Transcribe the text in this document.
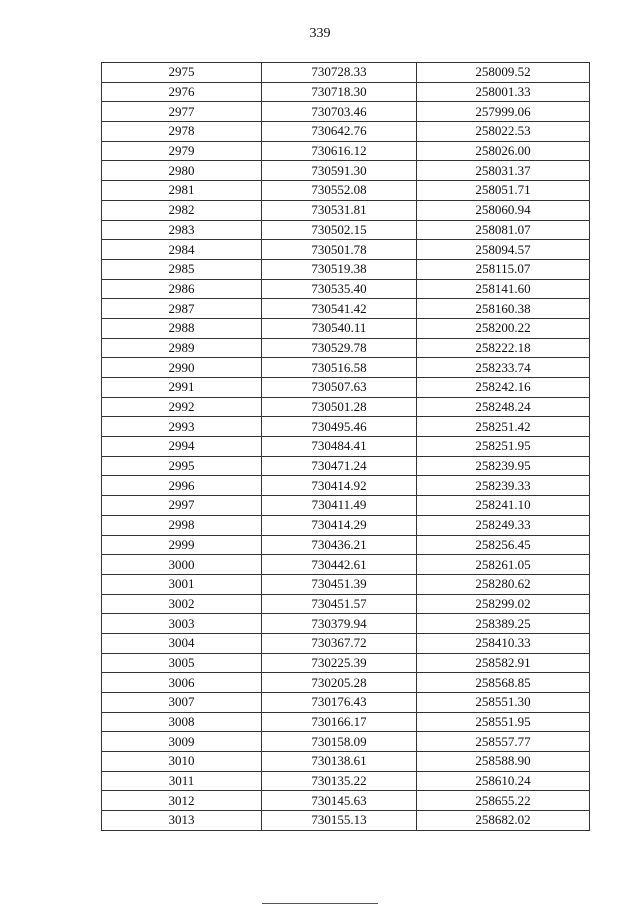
339
2975	730728.33	258009.52
2976	730718.30	258001.33
2977	730703.46	257999.06
2978	730642.76	258022.53
2979	730616.12	258026.00
2980	730591.30	258031.37
2981	730552.08	258051.71
2982	730531.81	258060.94
2983	730502.15	258081.07
2984	730501.78	258094.57
2985	730519.38	258115.07
2986	730535.40	258141.60
2987	730541.42	258160.38
2988	730540.11	258200.22
2989	730529.78	258222.18
2990	730516.58	258233.74
2991	730507.63	258242.16
2992	730501.28	258248.24
2993	730495.46	258251.42
2994	730484.41	258251.95
2995	730471.24	258239.95
2996	730414.92	258239.33
2997	730411.49	258241.10
2998	730414.29	258249.33
2999	730436.21	258256.45
3000	730442.61	258261.05
3001	730451.39	258280.62
3002	730451.57	258299.02
3003	730379.94	258389.25
3004	730367.72	258410.33
3005	730225.39	258582.91
3006	730205.28	258568.85
3007	730176.43	258551.30
3008	730166.17	258551.95
3009	730158.09	258557.77
3010	730138.61	258588.90
3011	730135.22	258610.24
3012	730145.63	258655.22
3013	730155.13	258682.02
